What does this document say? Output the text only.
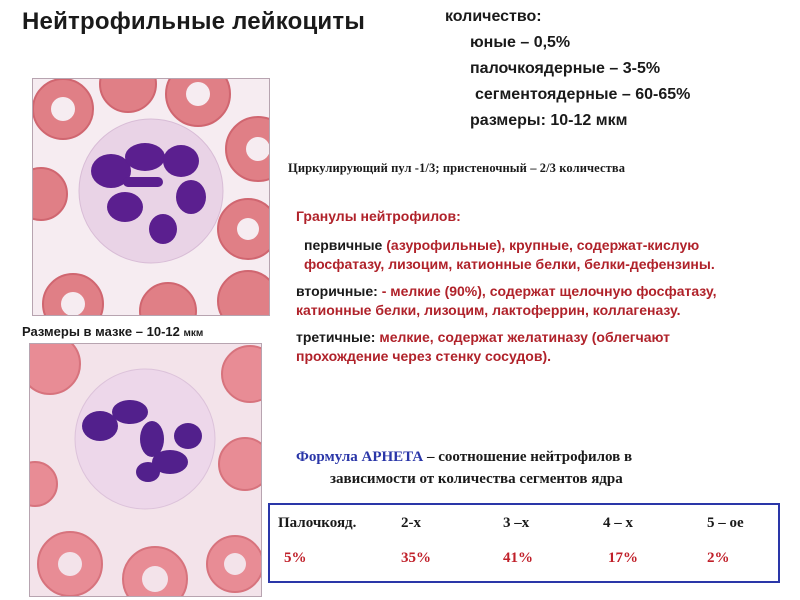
Нейтрофильные лейкоциты	количество:
юные – 0,5%
палочкоядерные – 3-5%
сегментоядерные – 60-65%
размеры: 10-12 мкм
Размеры в мазке – 10-12 мкм
Циркулирующий пул -1/3; пристеночный – 2/3 количества
Гранулы нейтрофилов:

первичные (азурофильные), крупные, содержат-кислую фосфатазу, лизоцим, катионные белки, белки-дефензины.

вторичные: - мелкие (90%), содержат щелочную фосфатазу, катионные белки, лизоцим, лактоферрин, коллагеназу.

третичные: мелкие, содержат желатиназу (облегчают прохождение через стенку сосудов).

Формула АРНЕТА – соотношение нейтрофилов в
зависимости от количества сегментов ядра
Палочкояд.	2-х	3 –х	4 – х	5 – ое
5%	35%	41%	17%	2%
